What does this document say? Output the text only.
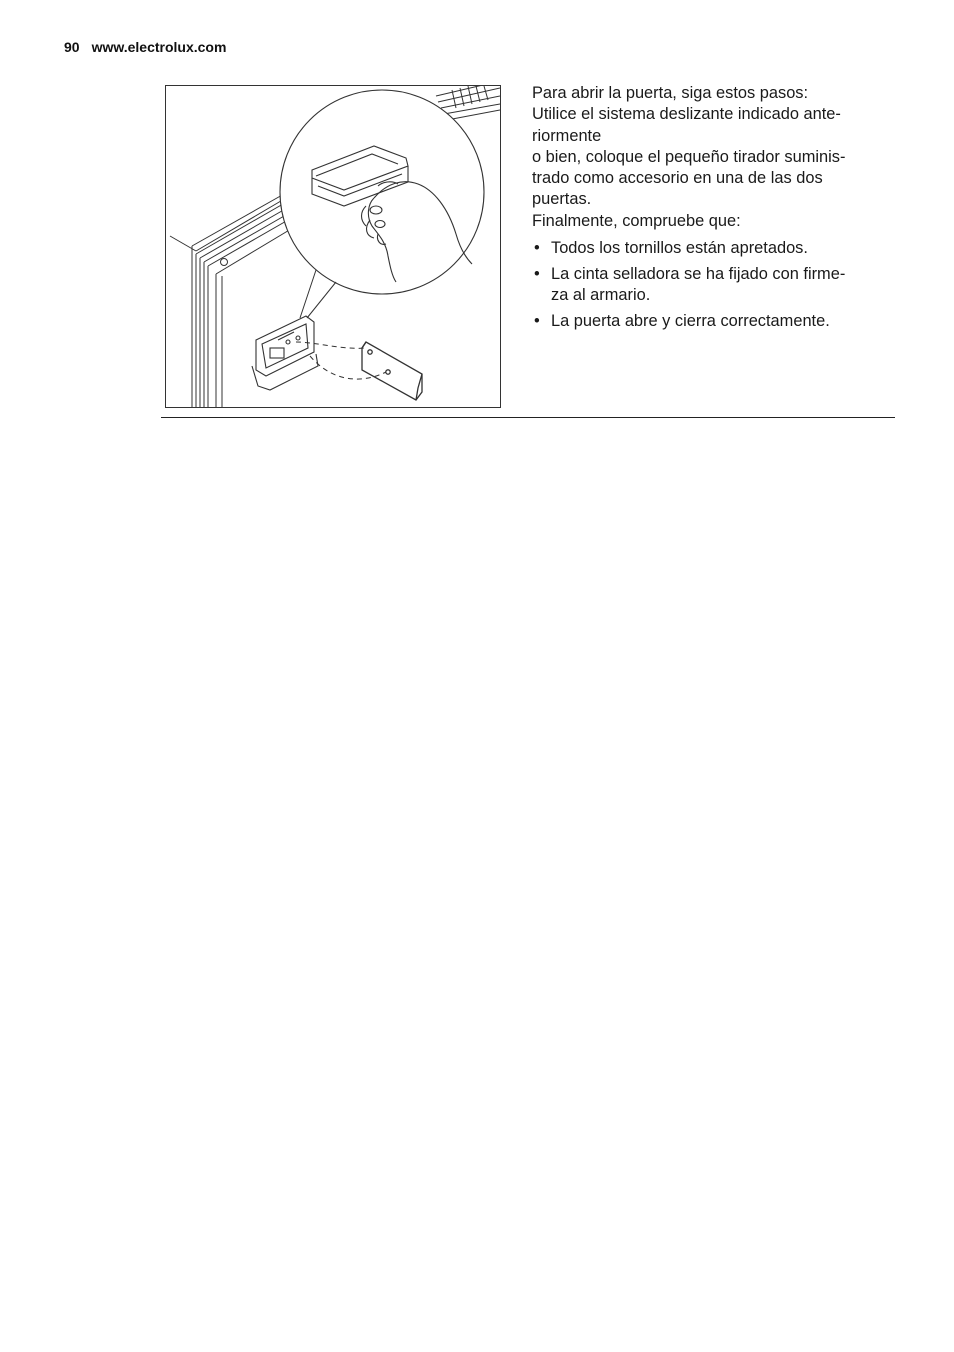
90 www.electrolux.com

Para abrir la puerta, siga estos pasos:

Utilice el sistema deslizante indicado ante-

riormente

o bien, coloque el pequeño tirador suminis-

trado como accesorio en una de las dos

puertas.

Finalmente, compruebe que:

• Todos los tornillos están apretados.
• La cinta selladora se ha fijado con firme-
za al armario.
• La puerta abre y cierra correctamente.
